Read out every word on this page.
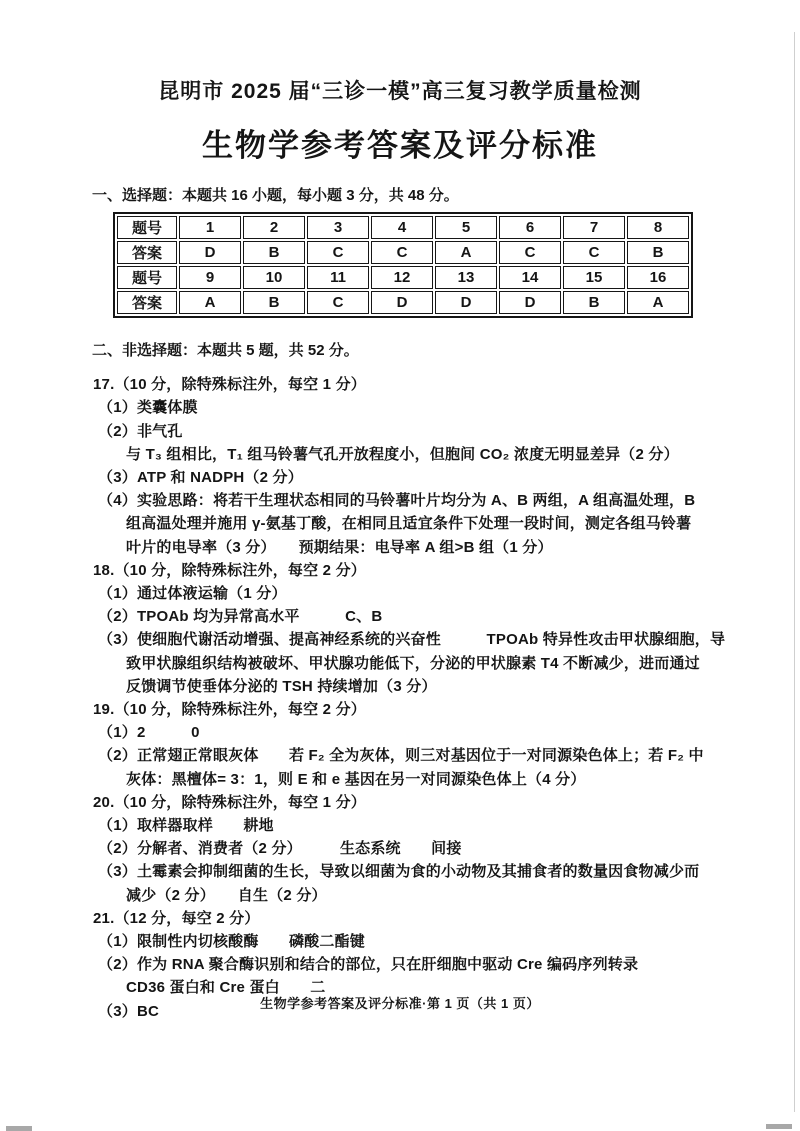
昆明市 2025 届“三诊一模”高三复习教学质量检测
生物学参考答案及评分标准
一、选择题：本题共 16 小题，每小题 3 分，共 48 分。
题号	1	2	3	4	5	6	7	8
答案	D	B	C	C	A	C	C	B
题号	9	10	11	12	13	14	15	16
答案	A	B	C	D	D	D	B	A
二、非选择题：本题共 5 题，共 52 分。
17.（10 分，除特殊标注外，每空 1 分）
（1）类囊体膜
（2）非气孔
与 T₃ 组相比，T₁ 组马铃薯气孔开放程度小，但胞间 CO₂ 浓度无明显差异（2 分）
（3）ATP 和 NADPH（2 分）
（4）实验思路：将若干生理状态相同的马铃薯叶片均分为 A、B 两组，A 组高温处理，B
组高温处理并施用 γ-氨基丁酸，在相同且适宜条件下处理一段时间，测定各组马铃薯
叶片的电导率（3 分）　　预期结果：电导率 A 组>B 组（1 分）
18.（10 分，除特殊标注外，每空 2 分）
（1）通过体液运输（1 分）
（2）TPOAb 均为异常高水平　　　C、B
（3）使细胞代谢活动增强、提高神经系统的兴奋性　　　TPOAb 特异性攻击甲状腺细胞，导
致甲状腺组织结构被破坏、甲状腺功能低下，分泌的甲状腺素 T4 不断减少，进而通过
反馈调节使垂体分泌的 TSH 持续增加（3 分）
19.（10 分，除特殊标注外，每空 2 分）
（1）2　　　0
（2）正常翅正常眼灰体　　若 F₂ 全为灰体，则三对基因位于一对同源染色体上；若 F₂ 中
灰体：黑檀体= 3：1，则 E 和 e 基因在另一对同源染色体上（4 分）
20.（10 分，除特殊标注外，每空 1 分）
（1）取样器取样　　耕地
（2）分解者、消费者（2 分）　　　生态系统　　间接
（3）土霉素会抑制细菌的生长，导致以细菌为食的小动物及其捕食者的数量因食物减少而
减少（2 分）　　自生（2 分）
21.（12 分，每空 2 分）
（1）限制性内切核酸酶　　磷酸二酯键
（2）作为 RNA 聚合酶识别和结合的部位，只在肝细胞中驱动 Cre 编码序列转录
CD36 蛋白和 Cre 蛋白　　二
（3）BC	生物学参考答案及评分标准·第 1 页（共 1 页）
